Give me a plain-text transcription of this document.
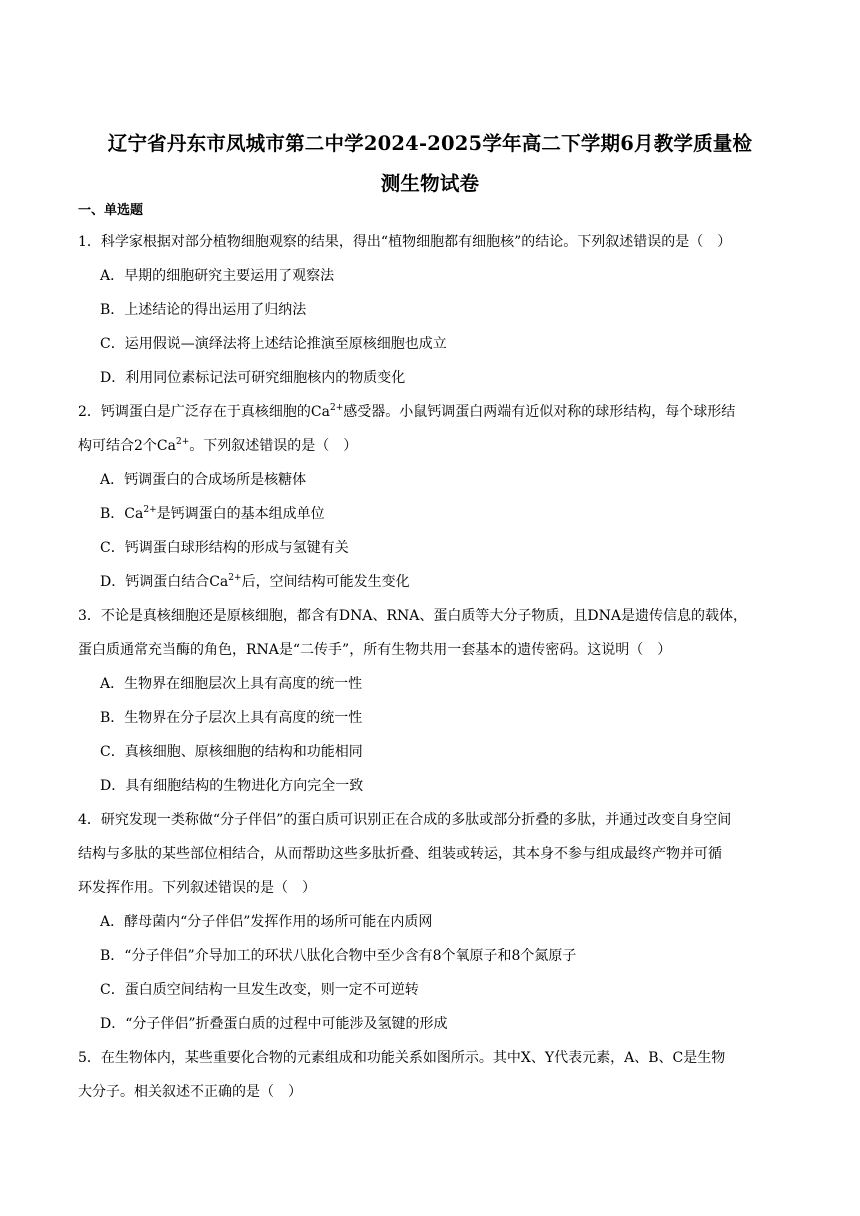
辽宁省丹东市凤城市第二中学2024-2025学年高二下学期6月教学质量检
测生物试卷
一、单选题
1．科学家根据对部分植物细胞观察的结果，得出“植物细胞都有细胞核”的结论。下列叙述错误的是（　）
A．早期的细胞研究主要运用了观察法
B．上述结论的得出运用了归纳法
C．运用假说—演绎法将上述结论推演至原核细胞也成立
D．利用同位素标记法可研究细胞核内的物质变化
2．钙调蛋白是广泛存在于真核细胞的$Ca^{2+}$感受器。小鼠钙调蛋白两端有近似对称的球形结构，每个球形结
构可结合2个$Ca^{2+}$。下列叙述错误的是（　）
A．钙调蛋白的合成场所是核糖体
B．$Ca^{2+}$是钙调蛋白的基本组成单位
C．钙调蛋白球形结构的形成与氢键有关
D．钙调蛋白结合$Ca^{2+}$后，空间结构可能发生变化
3．不论是真核细胞还是原核细胞，都含有DNA、RNA、蛋白质等大分子物质，且DNA是遗传信息的载体，
蛋白质通常充当酶的角色，RNA是“二传手”，所有生物共用一套基本的遗传密码。这说明（　）
A．生物界在细胞层次上具有高度的统一性
B．生物界在分子层次上具有高度的统一性
C．真核细胞、原核细胞的结构和功能相同
D．具有细胞结构的生物进化方向完全一致
4．研究发现一类称做“分子伴侣”的蛋白质可识别正在合成的多肽或部分折叠的多肽，并通过改变自身空间
结构与多肽的某些部位相结合，从而帮助这些多肽折叠、组装或转运，其本身不参与组成最终产物并可循
环发挥作用。下列叙述错误的是（　）
A．酵母菌内“分子伴侣”发挥作用的场所可能在内质网
B．“分子伴侣”介导加工的环状八肽化合物中至少含有8个氧原子和8个氮原子
C．蛋白质空间结构一旦发生改变，则一定不可逆转
D．“分子伴侣”折叠蛋白质的过程中可能涉及氢键的形成
5．在生物体内，某些重要化合物的元素组成和功能关系如图所示。其中X、Y代表元素，A、B、C是生物
大分子。相关叙述不正确的是（　）
